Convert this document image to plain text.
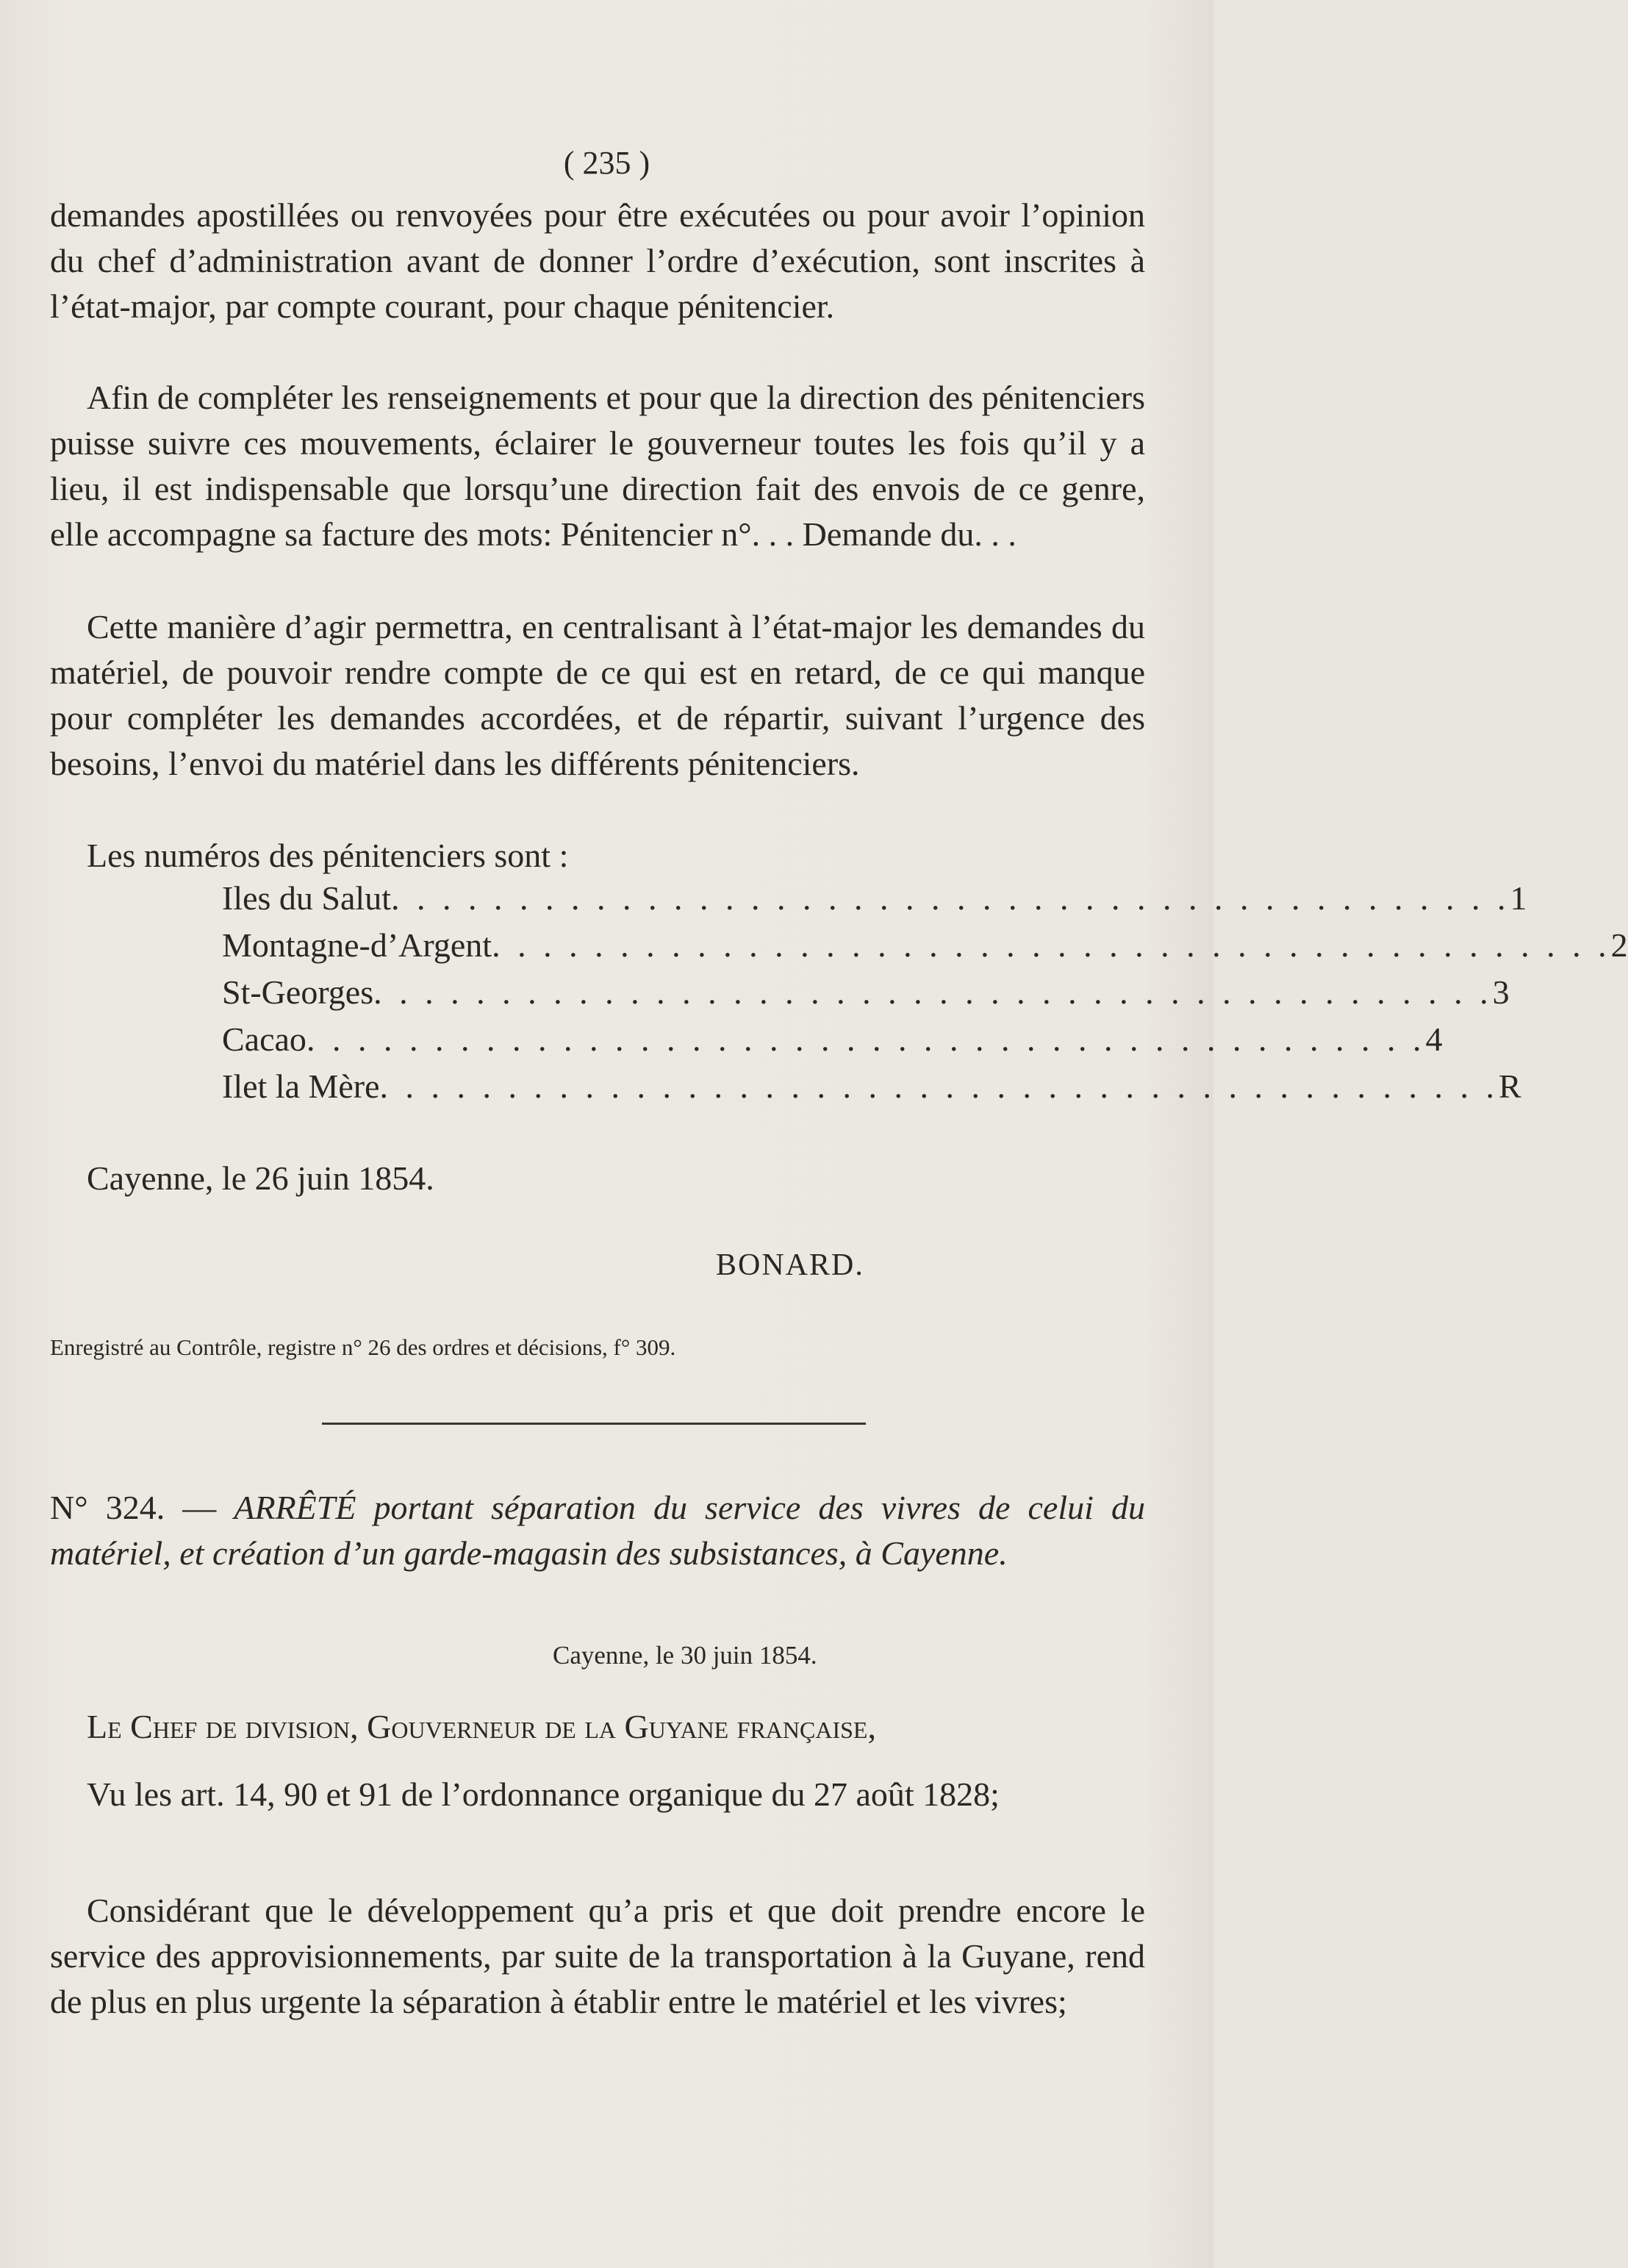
( 235 )

demandes apostillées ou renvoyées pour être exécutées ou pour avoir l’opinion du chef d’administration avant de donner l’ordre d’exécution, sont inscrites à l’état-major, par compte courant, pour chaque pénitencier.

Afin de compléter les renseignements et pour que la direction des pénitenciers puisse suivre ces mouvements, éclairer le gouverneur toutes les fois qu’il y a lieu, il est indispensable que lorsqu’une direction fait des envois de ce genre, elle accompagne sa facture des mots: Pénitencier n°. . . Demande du. . .

Cette manière d’agir permettra, en centralisant à l’état-major les demandes du matériel, de pouvoir rendre compte de ce qui est en retard, de ce qui manque pour compléter les demandes accordées, et de répartir, suivant l’urgence des besoins, l’envoi du matériel dans les différents pénitenciers.

Les numéros des pénitenciers sont :

Iles du Salut . . . . . . . . . . . . . . . . . . . . . . . . . . . . . . . . . . . . . . . . . . . . 1
Montagne-d’Argent . . . . . . . . . . . . . . . . . . . . . . . . . . . . . . . . . . . . . . . . . . . . 2
St-Georges . . . . . . . . . . . . . . . . . . . . . . . . . . . . . . . . . . . . . . . . . . . . 3
Cacao . . . . . . . . . . . . . . . . . . . . . . . . . . . . . . . . . . . . . . . . . . . . 4
Ilet la Mère . . . . . . . . . . . . . . . . . . . . . . . . . . . . . . . . . . . . . . . . . . . . R

Cayenne, le 26 juin 1854.

BONARD.
Enregistré au Contrôle, registre n° 26 des ordres et décisions, f° 309.

N° 324. — ARRÊTÉ portant séparation du service des vivres de celui du matériel, et création d’un garde-magasin des subsistances, à Cayenne.

Cayenne, le 30 juin 1854.

Le Chef de division, Gouverneur de la Guyane française,

Vu les art. 14, 90 et 91 de l’ordonnance organique du 27 août 1828;

Considérant que le développement qu’a pris et que doit prendre encore le service des approvisionnements, par suite de la transportation à la Guyane, rend de plus en plus urgente la séparation à établir entre le matériel et les vivres;
